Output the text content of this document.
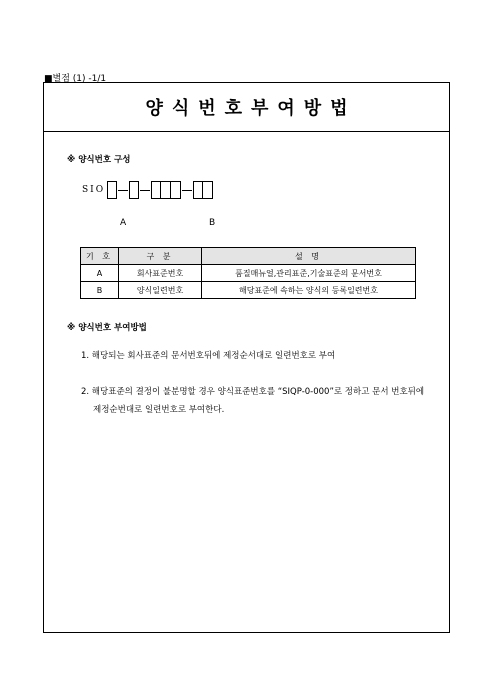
■별점 (1) -1/1
양식번호부여방법
※ 양식번호 구성
SIO
A	B
기 호	구 분	설 명
A	회사표준번호	품질매뉴얼,관리표준,기술표준의 문서번호
B	양식일련번호	해당표준에 속하는 양식의 등록일련번호
※ 양식번호 부여방법
1. 해당되는 회사표준의 문서번호뒤에 제정순서대로 일련번호로 부여
2. 해당표준의 결정이 불분명할 경우 양식표준번호를 “SIQP-0-000”로 정하고 문서 번호뒤에
제정순번대로 일련번호로 부여한다.
